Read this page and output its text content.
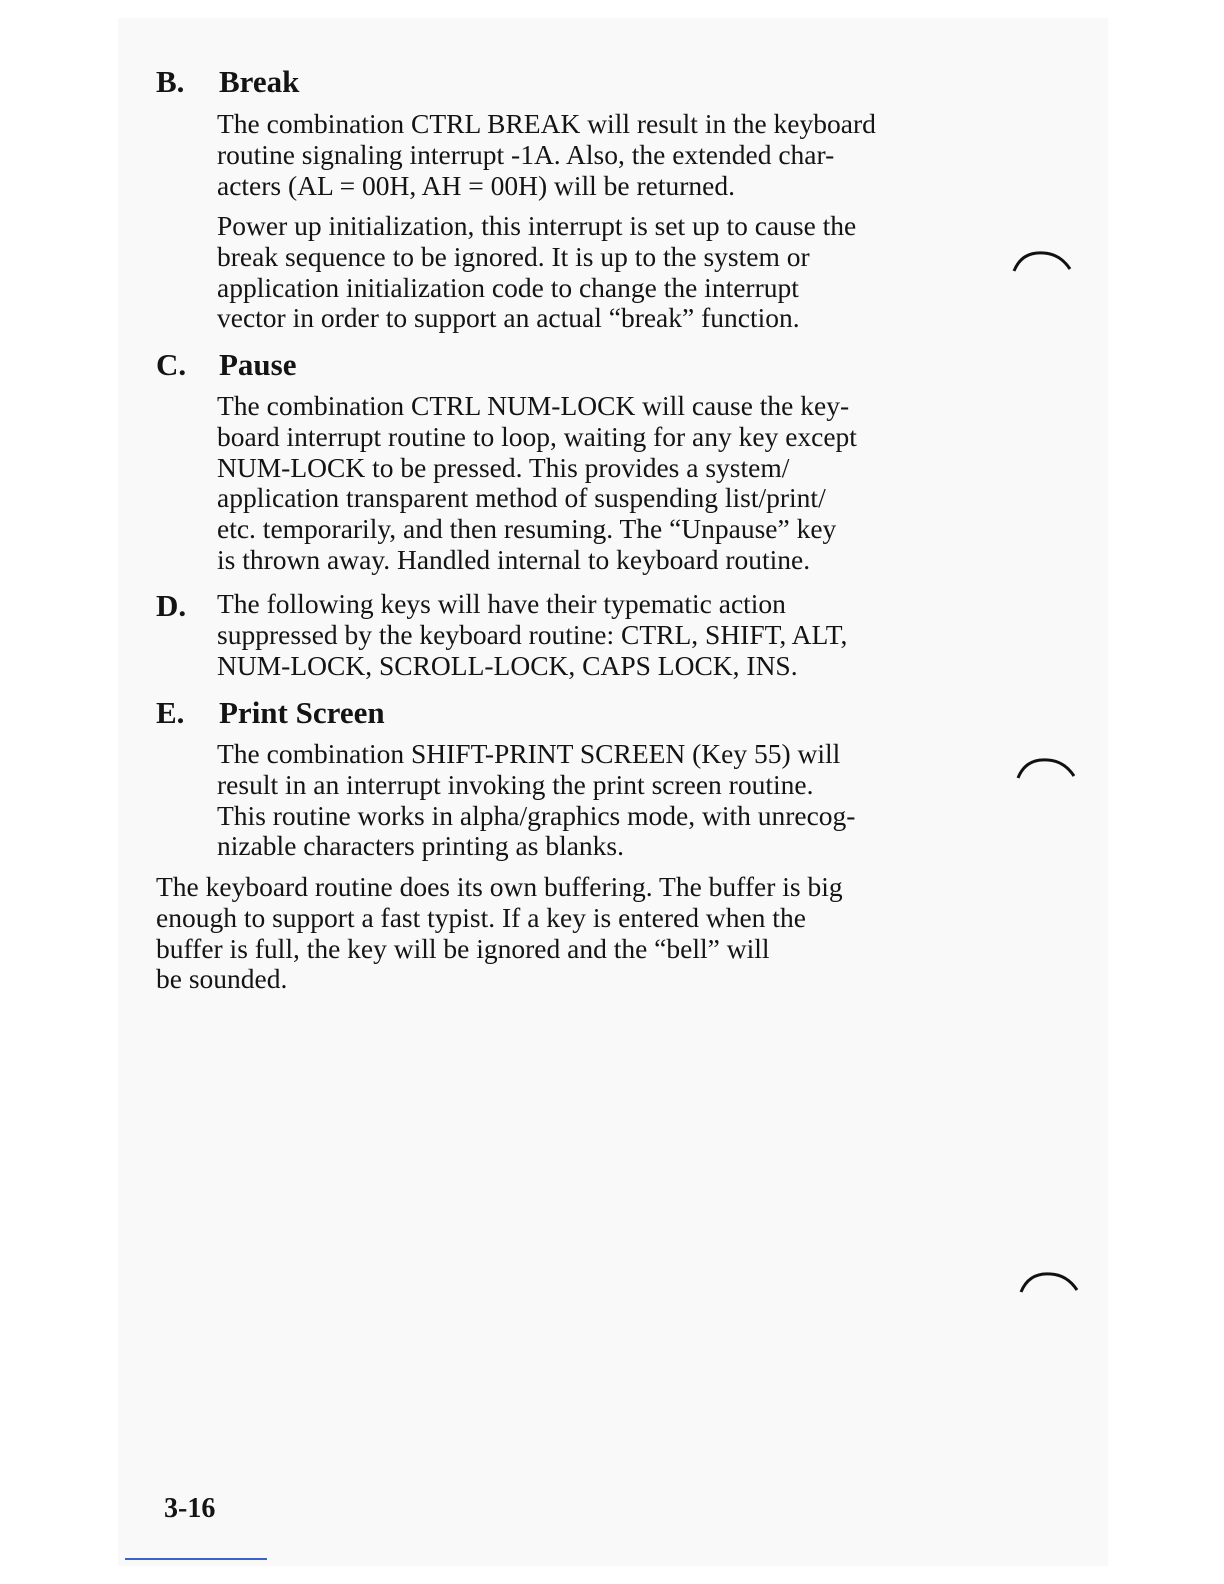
B. Break

The combination CTRL BREAK will result in the keyboard
routine signaling interrupt -1A. Also, the extended char-
acters (AL = 00H, AH = 00H) will be returned.

Power up initialization, this interrupt is set up to cause the
break sequence to be ignored. It is up to the system or
application initialization code to change the interrupt
vector in order to support an actual “break” function.

C. Pause

The combination CTRL NUM-LOCK will cause the key-
board interrupt routine to loop, waiting for any key except
NUM-LOCK to be pressed. This provides a system/
application transparent method of suspending list/print/
etc. temporarily, and then resuming. The “Unpause” key
is thrown away. Handled internal to keyboard routine.

D. The following keys will have their typematic action
suppressed by the keyboard routine: CTRL, SHIFT, ALT,
NUM-LOCK, SCROLL-LOCK, CAPS LOCK, INS.

E. Print Screen

The combination SHIFT-PRINT SCREEN (Key 55) will
result in an interrupt invoking the print screen routine.
This routine works in alpha/graphics mode, with unrecog-
nizable characters printing as blanks.

The keyboard routine does its own buffering. The buffer is big
enough to support a fast typist. If a key is entered when the
buffer is full, the key will be ignored and the “bell” will
be sounded.

3-16
